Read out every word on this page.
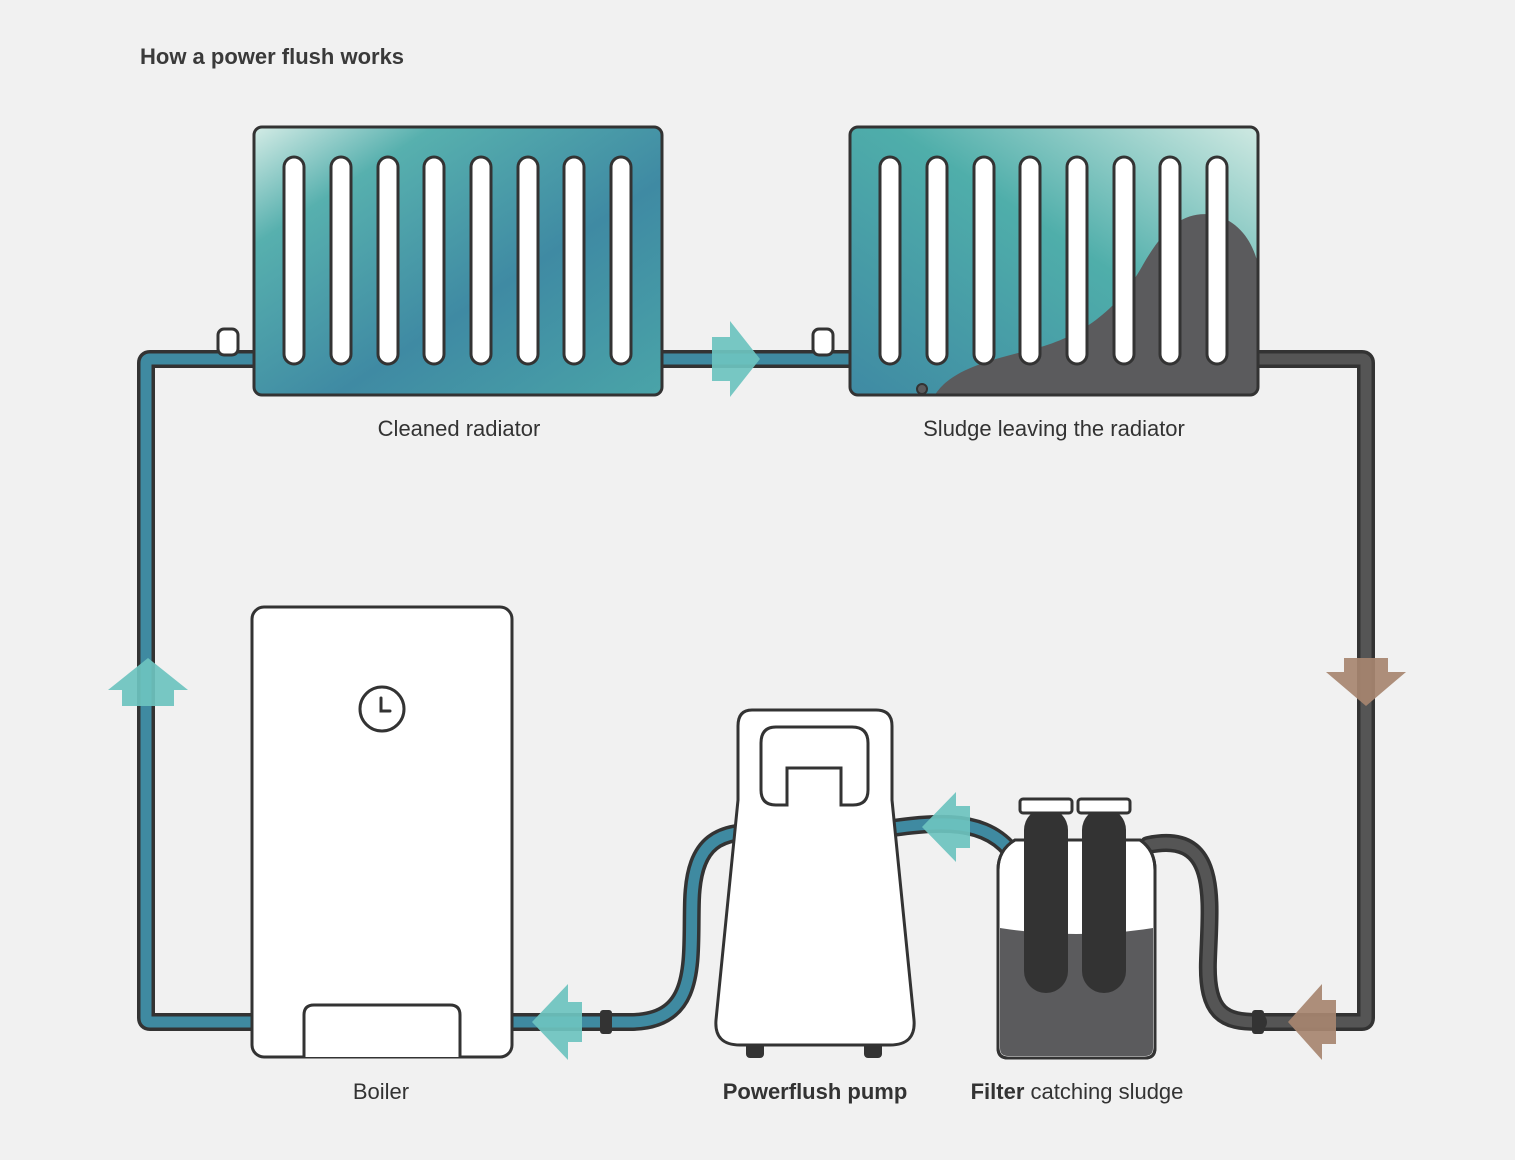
How a power flush works
Cleaned radiator	Sludge leaving the radiator
Boiler	Powerflush pump	Filter catching sludge
